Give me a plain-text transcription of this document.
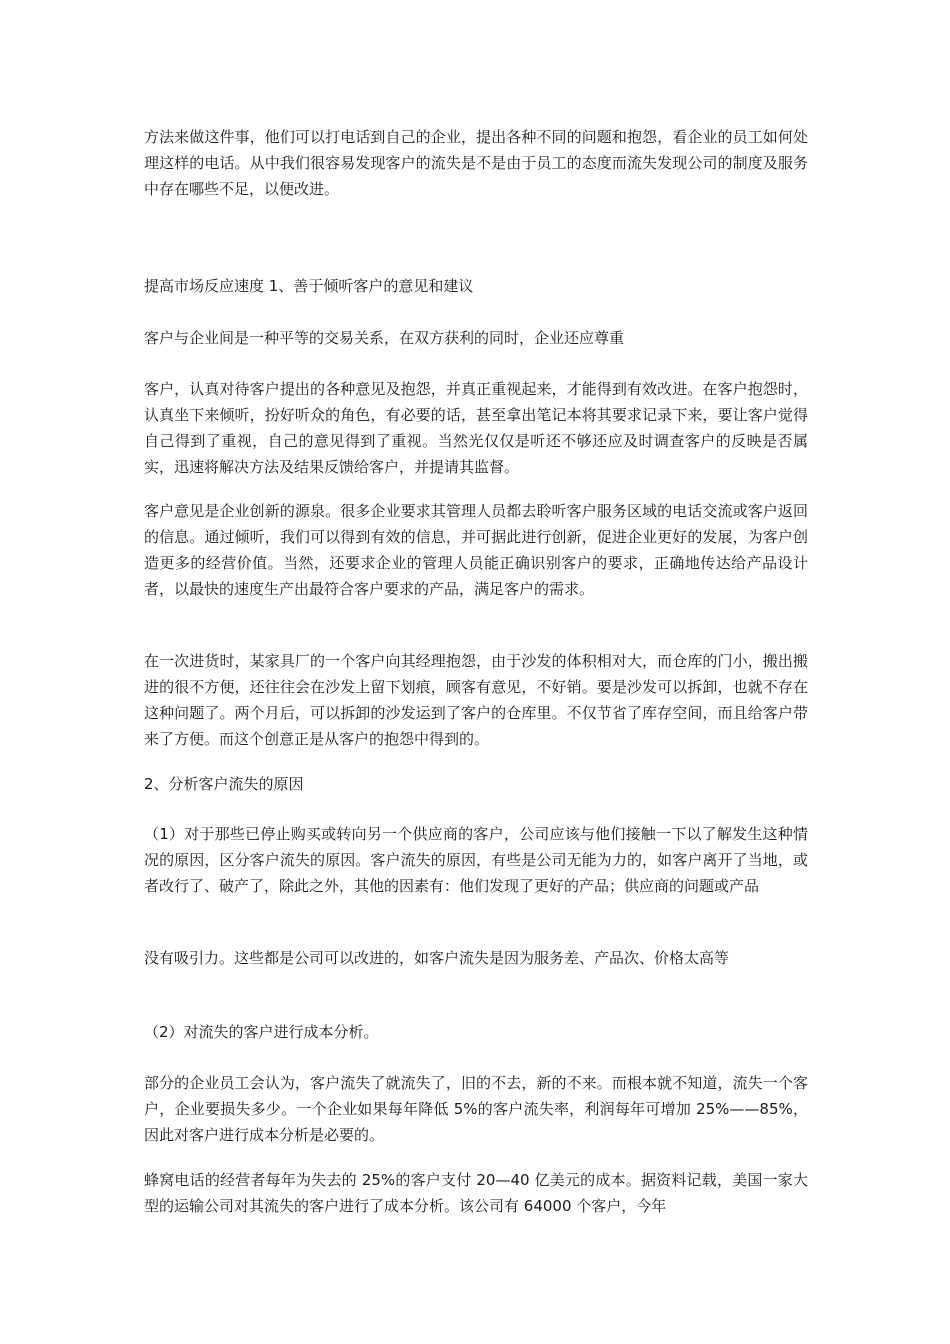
方法来做这件事，他们可以打电话到自己的企业，提出各种不同的问题和抱怨，看企业的员工如何处理这样的电话。从中我们很容易发现客户的流失是不是由于员工的态度而流失发现公司的制度及服务中存在哪些不足，以便改进。

提高市场反应速度 1、善于倾听客户的意见和建议

客户与企业间是一种平等的交易关系，在双方获利的同时，企业还应尊重

客户，认真对待客户提出的各种意见及抱怨，并真正重视起来，才能得到有效改进。在客户抱怨时，认真坐下来倾听，扮好听众的角色，有必要的话，甚至拿出笔记本将其要求记录下来，要让客户觉得自己得到了重视，自己的意见得到了重视。当然光仅仅是听还不够还应及时调查客户的反映是否属实，迅速将解决方法及结果反馈给客户，并提请其监督。

客户意见是企业创新的源泉。很多企业要求其管理人员都去聆听客户服务区域的电话交流或客户返回的信息。通过倾听，我们可以得到有效的信息，并可据此进行创新，促进企业更好的发展，为客户创造更多的经营价值。当然，还要求企业的管理人员能正确识别客户的要求，正确地传达给产品设计者，以最快的速度生产出最符合客户要求的产品，满足客户的需求。

在一次进货时，某家具厂的一个客户向其经理抱怨，由于沙发的体积相对大，而仓库的门小，搬出搬进的很不方便，还往往会在沙发上留下划痕，顾客有意见，不好销。要是沙发可以拆卸，也就不存在这种问题了。两个月后，可以拆卸的沙发运到了客户的仓库里。不仅节省了库存空间，而且给客户带来了方便。而这个创意正是从客户的抱怨中得到的。

2、分析客户流失的原因

（1）对于那些已停止购买或转向另一个供应商的客户，公司应该与他们接触一下以了解发生这种情况的原因，区分客户流失的原因。客户流失的原因，有些是公司无能为力的，如客户离开了当地，或者改行了、破产了，除此之外，其他的因素有：他们发现了更好的产品；供应商的问题或产品

没有吸引力。这些都是公司可以改进的，如客户流失是因为服务差、产品次、价格太高等

（2）对流失的客户进行成本分析。

部分的企业员工会认为，客户流失了就流失了，旧的不去，新的不来。而根本就不知道，流失一个客户，企业要损失多少。一个企业如果每年降低 5%的客户流失率，利润每年可增加 25%——85%，因此对客户进行成本分析是必要的。

蜂窝电话的经营者每年为失去的 25%的客户支付 20—40 亿美元的成本。据资料记载，美国一家大型的运输公司对其流失的客户进行了成本分析。该公司有 64000 个客户，今年
